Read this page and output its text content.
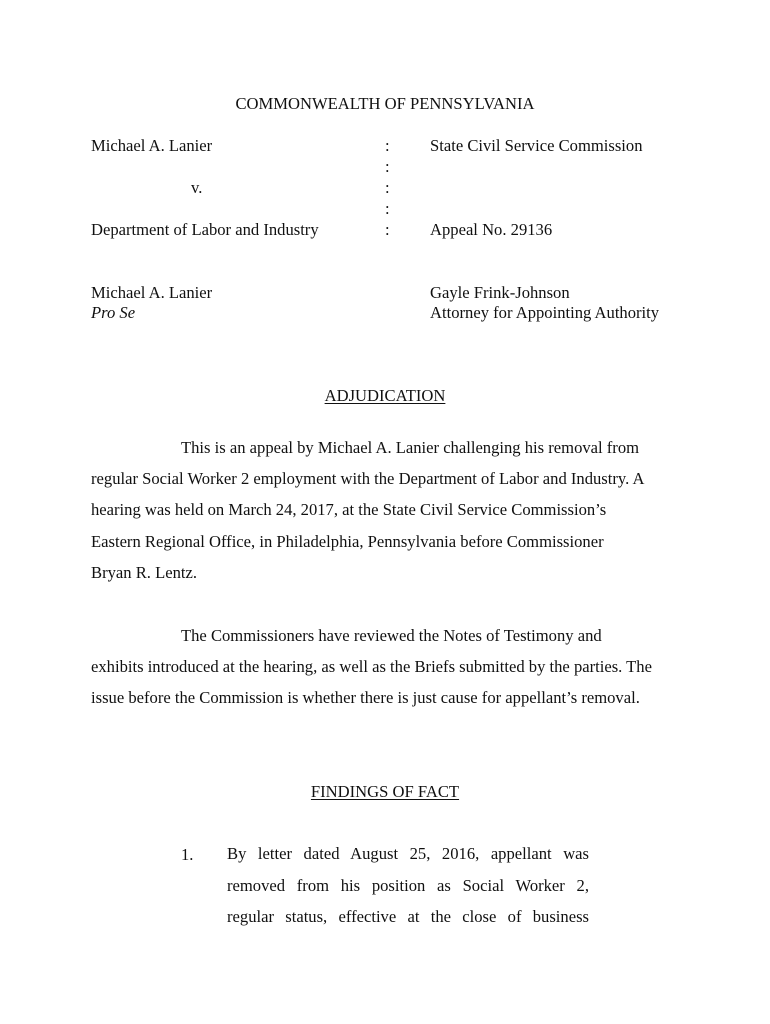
COMMONWEALTH OF PENNSYLVANIA
Michael A. Lanier
v.
Department of Labor and Industry
:
:
:
:
:
State Civil Service Commission
Appeal No. 29136
Michael A. Lanier
Pro Se
Gayle Frink-Johnson
Attorney for Appointing Authority
ADJUDICATION

This is an appeal by Michael A. Lanier challenging his removal from

regular Social Worker 2 employment with the Department of Labor and Industry. A

hearing was held on March 24, 2017, at the State Civil Service Commission’s

Eastern Regional Office, in Philadelphia, Pennsylvania before Commissioner

Bryan R. Lentz.

The Commissioners have reviewed the Notes of Testimony and

exhibits introduced at the hearing, as well as the Briefs submitted by the parties. The

issue before the Commission is whether there is just cause for appellant’s removal.

FINDINGS OF FACT
1. By letter dated August 25, 2016, appellant was
removed from his position as Social Worker 2,
regular status, effective at the close of business
